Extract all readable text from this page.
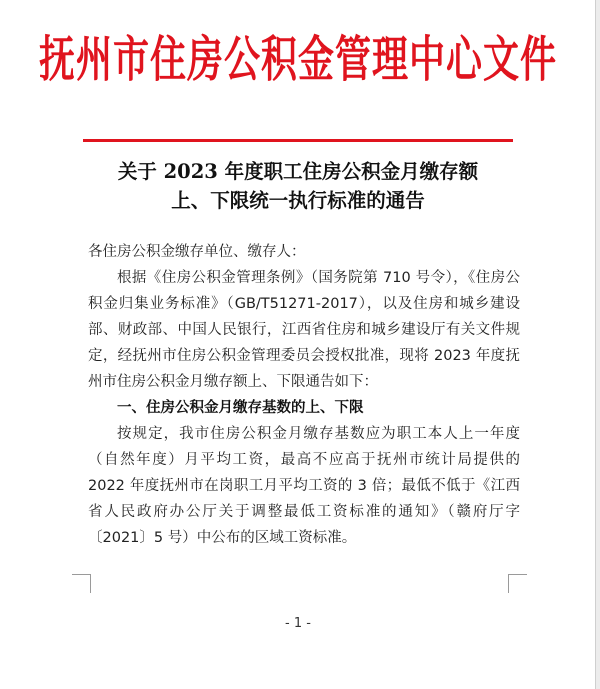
抚州市住房公积金管理中心文件
关于 2023 年度职工住房公积金月缴存额
上、下限统一执行标准的通告

各住房公积金缴存单位、缴存人：

根据《住房公积金管理条例》（国务院第 710 号令），《住房公积金归集业务标准》（GB/T51271-2017），以及住房和城乡建设部、财政部、中国人民银行，江西省住房和城乡建设厅有关文件规定，经抚州市住房公积金管理委员会授权批准，现将 2023 年度抚州市住房公积金月缴存额上、下限通告如下：

一、住房公积金月缴存基数的上、下限

按规定，我市住房公积金月缴存基数应为职工本人上一年度（自然年度）月平均工资，最高不应高于抚州市统计局提供的 2022 年度抚州市在岗职工月平均工资的 3 倍；最低不低于《江西省人民政府办公厅关于调整最低工资标准的通知》（赣府厅字〔2021〕5 号）中公布的区域工资标准。

- 1 -
